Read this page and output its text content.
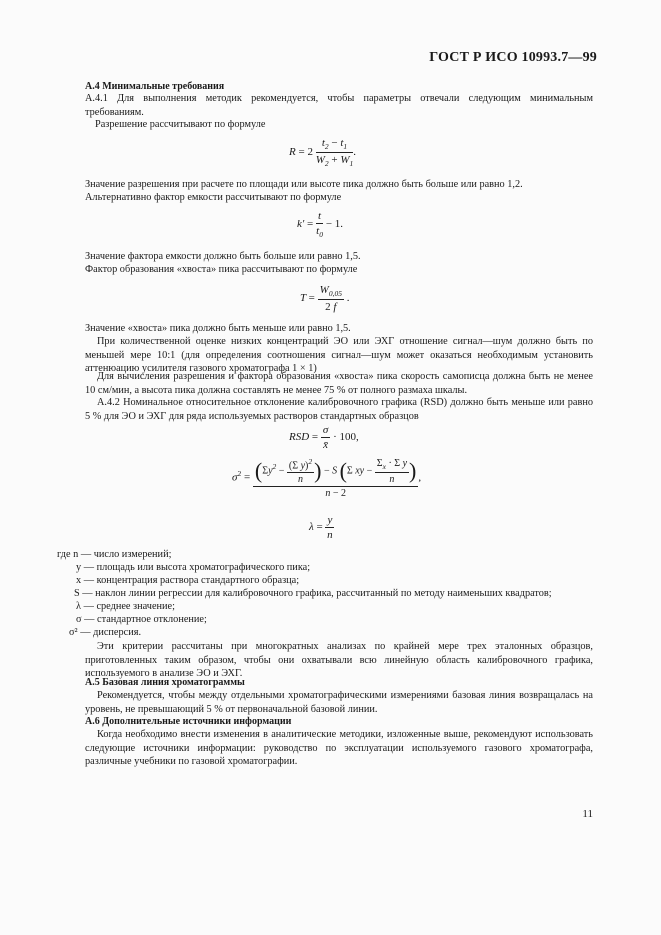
ГОСТ Р ИСО 10993.7—99
А.4 Минимальные требования
А.4.1 Для выполнения методик рекомендуется, чтобы параметры отвечали следующим минимальным требованиям.
Разрешение рассчитывают по формуле
$R = 2 \frac{t_2 - t_1}{W_2 + W_1}$ .
Значение разрешения при расчете по площади или высоте пика должно быть больше или равно 1,2.
Альтернативно фактор емкости рассчитывают по формуле
$k' = \frac{t}{t_0} - 1$.
Значение фактора емкости должно быть больше или равно 1,5.
Фактор образования «хвоста» пика рассчитывают по формуле
$T = \frac{W_{0,05}}{2 f}$ .
Значение «хвоста» пика должно быть меньше или равно 1,5.
При количественной оценке низких концентраций ЭО или ЭХГ отношение сигнал—шум должно быть по меньшей мере 10:1 (для определения соотношения сигнал—шум может оказаться необходимым установить аттенюацию усилителя газового хроматографа 1 × 1)
Для вычисления разрешения и фактора образования «хвоста» пика скорость самописца должна быть не менее 10 см/мин, а высота пика должна составлять не менее 75 % от полного размаха шкалы.
А.4.2 Номинальное относительное отклонение калибровочного графика (RSD) должно быть меньше или равно 5 % для ЭО и ЭХГ для ряда используемых растворов стандартных образцов
RSD = $\frac{\sigma}{x̄} \cdot 100$,
$\sigma^2 = \frac{(\Sigma y^2 - \frac{(\Sigma y)^2}{n} ) - S (\Sigma xy - \frac{\Sigma_x \cdot \Sigma y}{n} )}{n - 2}$ ,
$\lambda = \frac{y}{n}$
где n — число измерений;
y — площадь или высота хроматографического пика;
x — концентрация раствора стандартного образца;
S — наклон линии регрессии для калибровочного графика, рассчитанный по методу наименьших квадратов;
λ — среднее значение;
σ — стандартное отклонение;
σ² — дисперсия.
Эти критерии рассчитаны при многократных анализах по крайней мере трех эталонных образцов, приготовленных таким образом, чтобы они охватывали всю линейную область калибровочного графика, используемого в анализе ЭО и ЭХГ.
А.5 Базовая линия хроматограммы
Рекомендуется, чтобы между отдельными хроматографическими измерениями базовая линия возвращалась на уровень, не превышающий 5 % от первоначальной базовой линии.
А.6 Дополнительные источники информации
Когда необходимо внести изменения в аналитические методики, изложенные выше, рекомендуют использовать следующие источники информации: руководство по эксплуатации используемого газового хроматографа, различные учебники по газовой хроматографии.
11
